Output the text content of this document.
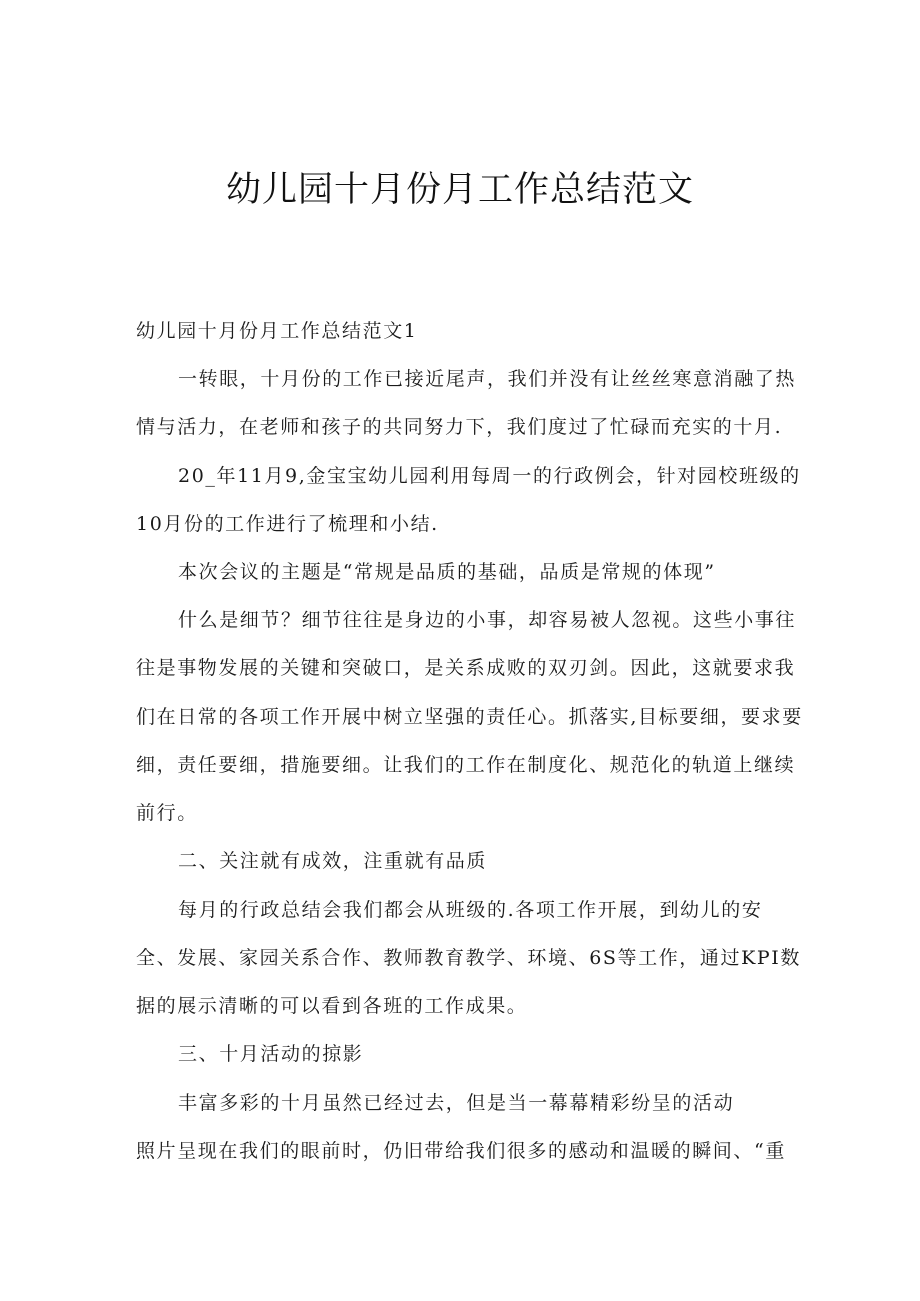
幼儿园十月份月工作总结范文
幼儿园十月份月工作总结范文1
一转眼，十月份的工作已接近尾声，我们并没有让丝丝寒意消融了热
情与活力，在老师和孩子的共同努力下，我们度过了忙碌而充实的十月.
20_年11月9,金宝宝幼儿园利用每周一的行政例会，针对园校班级的
10月份的工作进行了梳理和小结.
本次会议的主题是“常规是品质的基础，品质是常规的体现”
什么是细节？细节往往是身边的小事，却容易被人忽视。这些小事往
往是事物发展的关键和突破口，是关系成败的双刃剑。因此，这就要求我
们在日常的各项工作开展中树立坚强的责任心。抓落实,目标要细，要求要
细，责任要细，措施要细。让我们的工作在制度化、规范化的轨道上继续
前行。
二、关注就有成效，注重就有品质
每月的行政总结会我们都会从班级的.各项工作开展，到幼儿的安
全、发展、家园关系合作、教师教育教学、环境、6S等工作，通过KPI数
据的展示清晰的可以看到各班的工作成果。
三、十月活动的掠影
丰富多彩的十月虽然已经过去，但是当一幕幕精彩纷呈的活动
照片呈现在我们的眼前时，仍旧带给我们很多的感动和温暖的瞬间、“重
